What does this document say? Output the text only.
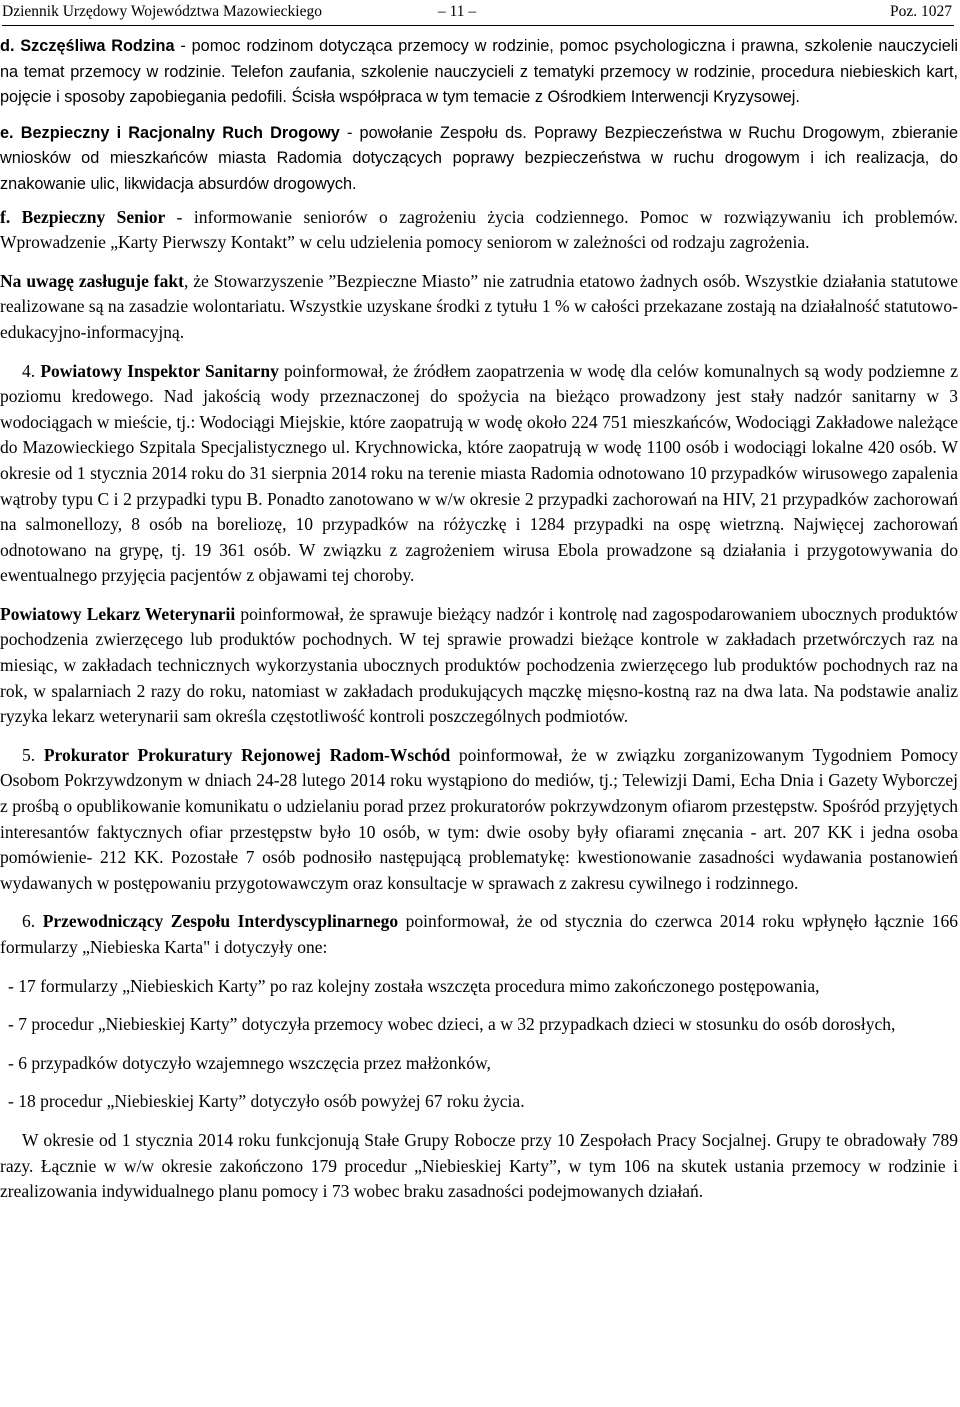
Dziennik Urzędowy Województwa Mazowieckiego	– 11 –	Poz. 1027

d. Szczęśliwa Rodzina - pomoc rodzinom dotycząca przemocy w rodzinie, pomoc psychologiczna i prawna, szkolenie nauczycieli na temat przemocy w rodzinie. Telefon zaufania, szkolenie nauczycieli z tematyki przemocy w rodzinie, procedura niebieskich kart, pojęcie i sposoby zapobiegania pedofili. Ścisła współpraca w tym temacie z Ośrodkiem Interwencji Kryzysowej.

e. Bezpieczny i Racjonalny Ruch Drogowy - powołanie Zespołu ds. Poprawy Bezpieczeństwa w Ruchu Drogowym, zbieranie wniosków od mieszkańców miasta Radomia dotyczących poprawy bezpieczeństwa w ruchu drogowym i ich realizacja, do znakowanie ulic, likwidacja absurdów drogowych.

f. Bezpieczny Senior - informowanie seniorów o zagrożeniu życia codziennego. Pomoc w rozwiązywaniu ich problemów. Wprowadzenie „Karty Pierwszy Kontakt” w celu udzielenia pomocy seniorom w zależności od rodzaju zagrożenia.

Na uwagę zasługuje fakt, że Stowarzyszenie ”Bezpieczne Miasto” nie zatrudnia etatowo żadnych osób. Wszystkie działania statutowe realizowane są na zasadzie wolontariatu. Wszystkie uzyskane środki z tytułu 1 % w całości przekazane zostają na działalność statutowo-edukacyjno-informacyjną.

4. Powiatowy Inspektor Sanitarny poinformował, że źródłem zaopatrzenia w wodę dla celów komunalnych są wody podziemne z poziomu kredowego. Nad jakością wody przeznaczonej do spożycia na bieżąco prowadzony jest stały nadzór sanitarny w 3 wodociągach w mieście, tj.: Wodociągi Miejskie, które zaopatrują w wodę około 224 751 mieszkańców, Wodociągi Zakładowe należące do Mazowieckiego Szpitala Specjalistycznego ul. Krychnowicka, które zaopatrują w wodę 1100 osób i wodociągi lokalne 420 osób. W okresie od 1 stycznia 2014 roku do 31 sierpnia 2014 roku na terenie miasta Radomia odnotowano 10 przypadków wirusowego zapalenia wątroby typu C i 2 przypadki typu B. Ponadto zanotowano w w/w okresie 2 przypadki zachorowań na HIV, 21 przypadków zachorowań na salmonellozy, 8 osób na boreliozę, 10 przypadków na różyczkę i 1284 przypadki na ospę wietrzną. Najwięcej zachorowań odnotowano na grypę, tj. 19 361 osób. W związku z zagrożeniem wirusa Ebola prowadzone są działania i przygotowywania do ewentualnego przyjęcia pacjentów z objawami tej choroby.

Powiatowy Lekarz Weterynarii poinformował, że sprawuje bieżący nadzór i kontrolę nad zagospodarowaniem ubocznych produktów pochodzenia zwierzęcego lub produktów pochodnych. W tej sprawie prowadzi bieżące kontrole w zakładach przetwórczych raz na miesiąc, w zakładach technicznych wykorzystania ubocznych produktów pochodzenia zwierzęcego lub produktów pochodnych raz na rok, w spalarniach 2 razy do roku, natomiast w zakładach produkujących mączkę mięsno-kostną raz na dwa lata. Na podstawie analiz ryzyka lekarz weterynarii sam określa częstotliwość kontroli poszczególnych podmiotów.

5. Prokurator Prokuratury Rejonowej Radom-Wschód poinformował, że w związku zorganizowanym Tygodniem Pomocy Osobom Pokrzywdzonym w dniach 24-28 lutego 2014 roku wystąpiono do mediów, tj.; Telewizji Dami, Echa Dnia i Gazety Wyborczej z prośbą o opublikowanie komunikatu o udzielaniu porad przez prokuratorów pokrzywdzonym ofiarom przestępstw. Spośród przyjętych interesantów faktycznych ofiar przestępstw było 10 osób, w tym: dwie osoby były ofiarami znęcania - art. 207 KK i jedna osoba pomówienie- 212 KK. Pozostałe 7 osób podnosiło następującą problematykę: kwestionowanie zasadności wydawania postanowień wydawanych w postępowaniu przygotowawczym oraz konsultacje w sprawach z zakresu cywilnego i rodzinnego.

6. Przewodniczący Zespołu Interdyscyplinarnego poinformował, że od stycznia do czerwca 2014 roku wpłynęło łącznie 166 formularzy „Niebieska Karta" i dotyczyły one:

- 17 formularzy „Niebieskich Karty” po raz kolejny została wszczęta procedura mimo zakończonego postępowania,

- 7 procedur „Niebieskiej Karty” dotyczyła przemocy wobec dzieci, a w 32 przypadkach dzieci w stosunku do osób dorosłych,

- 6 przypadków dotyczyło wzajemnego wszczęcia przez małżonków,

- 18 procedur „Niebieskiej Karty” dotyczyło osób powyżej 67 roku życia.

W okresie od 1 stycznia 2014 roku funkcjonują Stałe Grupy Robocze przy 10 Zespołach Pracy Socjalnej. Grupy te obradowały 789 razy. Łącznie w w/w okresie zakończono 179 procedur „Niebieskiej Karty”, w tym 106 na skutek ustania przemocy w rodzinie i zrealizowania indywidualnego planu pomocy i 73 wobec braku zasadności podejmowanych działań.
